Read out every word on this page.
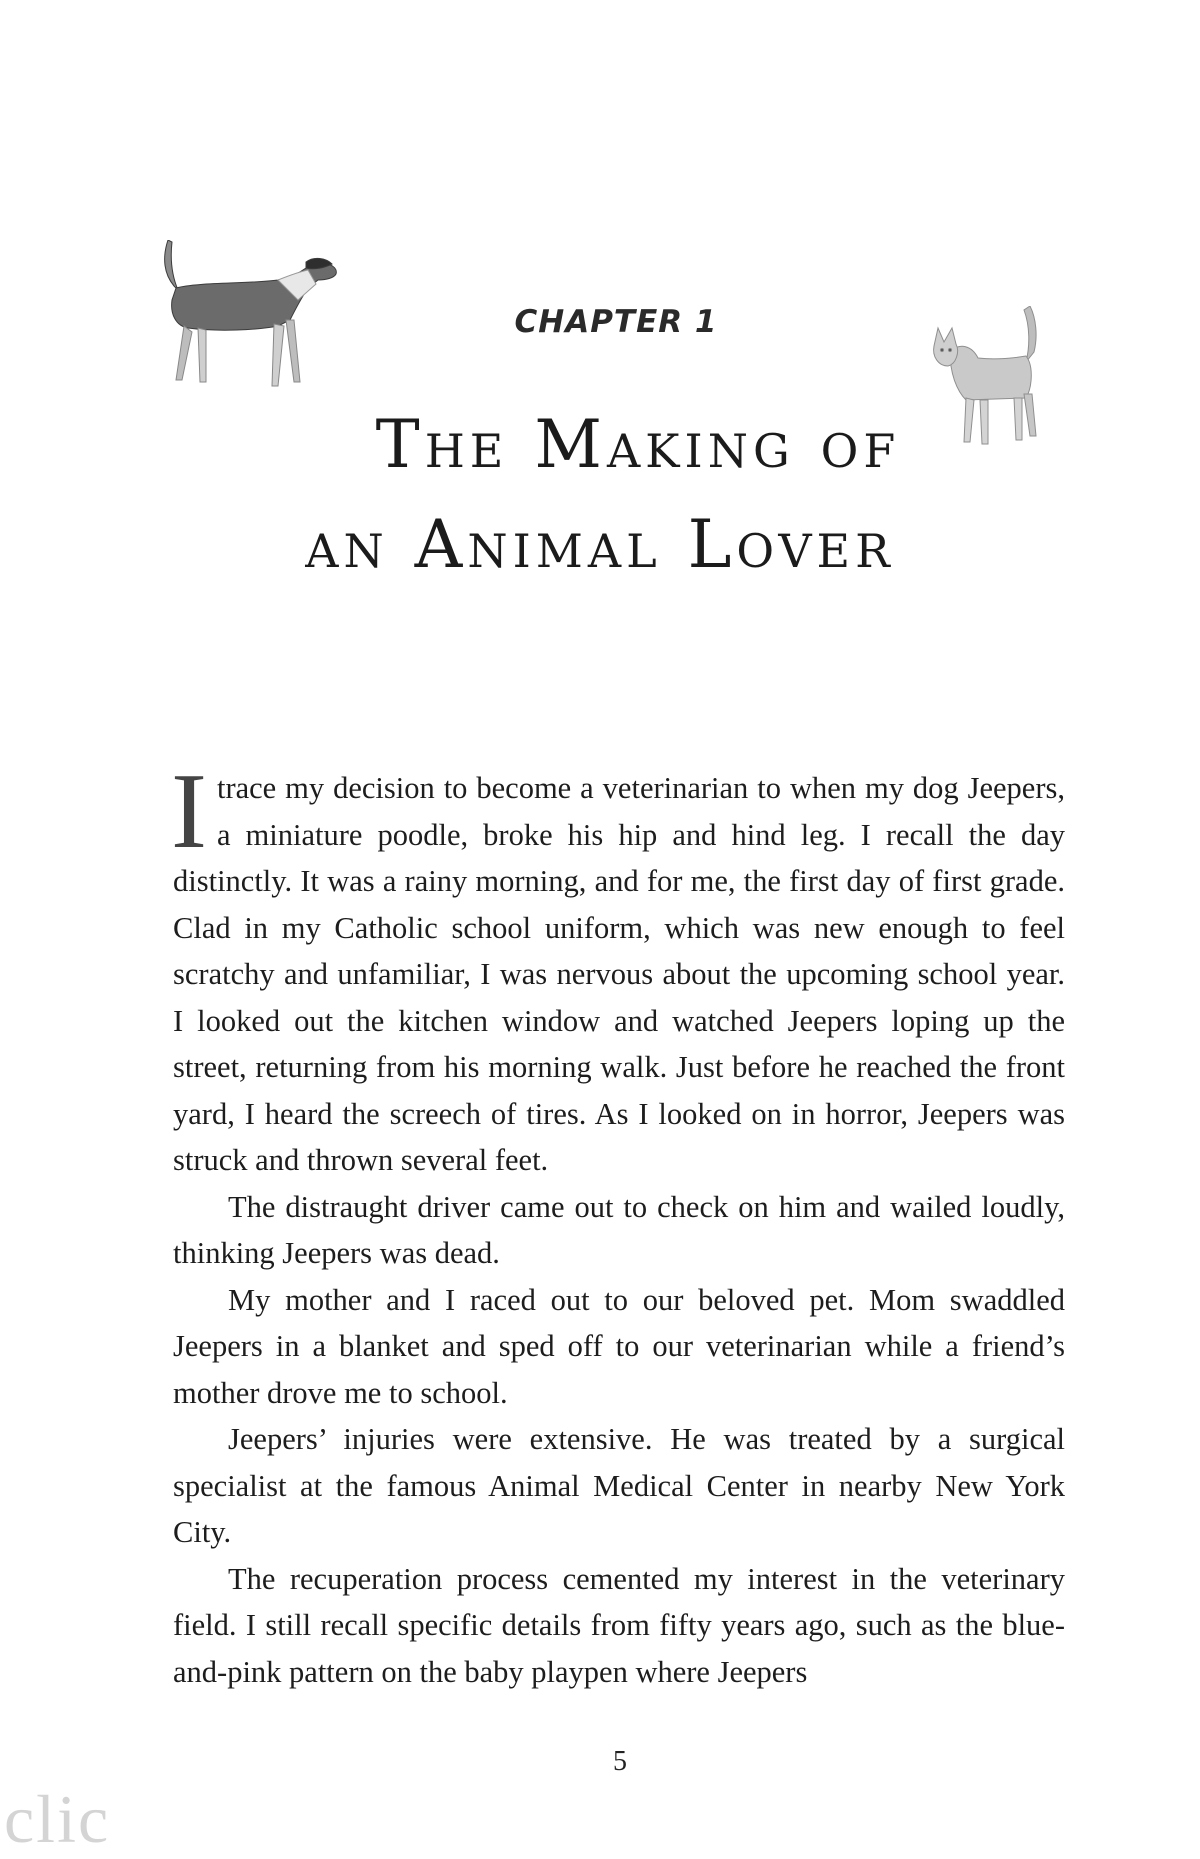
CHAPTER 1
The Making of
an Animal Lover

I trace my decision to become a veterinarian to when my dog Jeepers, a miniature poodle, broke his hip and hind leg. I recall the day distinctly. It was a rainy morning, and for me, the first day of first grade. Clad in my Catholic school uniform, which was new enough to feel scratchy and unfamiliar, I was nervous about the upcoming school year. I looked out the kitchen window and watched Jeepers loping up the street, returning from his morning walk. Just before he reached the front yard, I heard the screech of tires. As I looked on in horror, Jeepers was struck and thrown several feet.

The distraught driver came out to check on him and wailed loudly, thinking Jeepers was dead.

My mother and I raced out to our beloved pet. Mom swaddled Jeepers in a blanket and sped off to our veterinarian while a friend’s mother drove me to school.

Jeepers’ injuries were extensive. He was treated by a surgical specialist at the famous Animal Medical Center in nearby New York City.

The recuperation process cemented my interest in the veterinary field. I still recall specific details from fifty years ago, such as the blue-and-pink pattern on the baby playpen where Jeepers

5
clic
